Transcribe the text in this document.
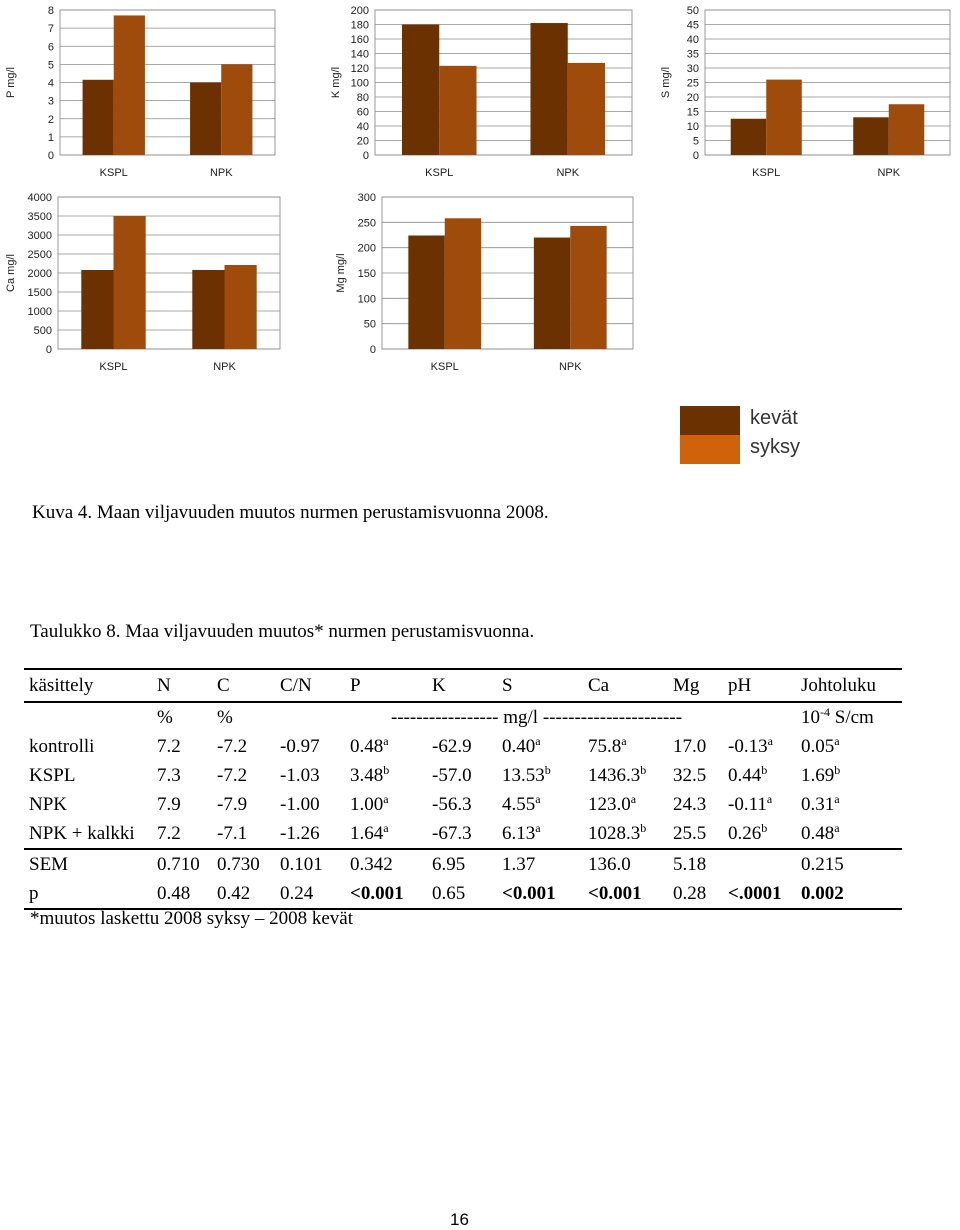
0
1
2
3
4
5
6
7
8
KSPL	NPK
P mg/l
0
20
40
60
80
100
120
140
160
180
200
KSPL	NPK
K mg/l
0
5
10
15
20
25
30
35
40
45
50
KSPL	NPK
S mg/l
0
500
1000
1500
2000
2500
3000
3500
4000
KSPL	NPK
Ca mg/l
0
50
100
150
200
250
300
KSPL	NPK
Mg mg/l
kevät
syksy
Kuva 4. Maan viljavuuden muutos nurmen perustamisvuonna 2008.
Taulukko 8. Maa viljavuuden muutos* nurmen perustamisvuonna.
käsittely	N	C	C/N	P	K	S	Ca	Mg	pH	Johtoluku
	%	%		----------------- mg/l ----------------------						$10^{-4}$ S/cm
kontrolli	7.2	-7.2	-0.97	0.48$^a$	-62.9	0.40$^a$	75.8$^a$	17.0	-0.13$^a$	0.05$^a$
KSPL	7.3	-7.2	-1.03	3.48$^b$	-57.0	13.53$^b$	1436.3$^b$	32.5	0.44$^b$	1.69$^b$
NPK	7.9	-7.9	-1.00	1.00$^a$	-56.3	4.55$^a$	123.0$^a$	24.3	-0.11$^a$	0.31$^a$
NPK + kalkki	7.2	-7.1	-1.26	1.64$^a$	-67.3	6.13$^a$	1028.3$^b$	25.5	0.26$^b$	0.48$^a$
SEM	0.710	0.730	0.101	0.342	6.95	1.37	136.0	5.18		0.215
p	0.48	0.42	0.24	<0.001	0.65	<0.001	<0.001	0.28	<.0001	0.002
*muutos laskettu 2008 syksy – 2008 kevät
16
